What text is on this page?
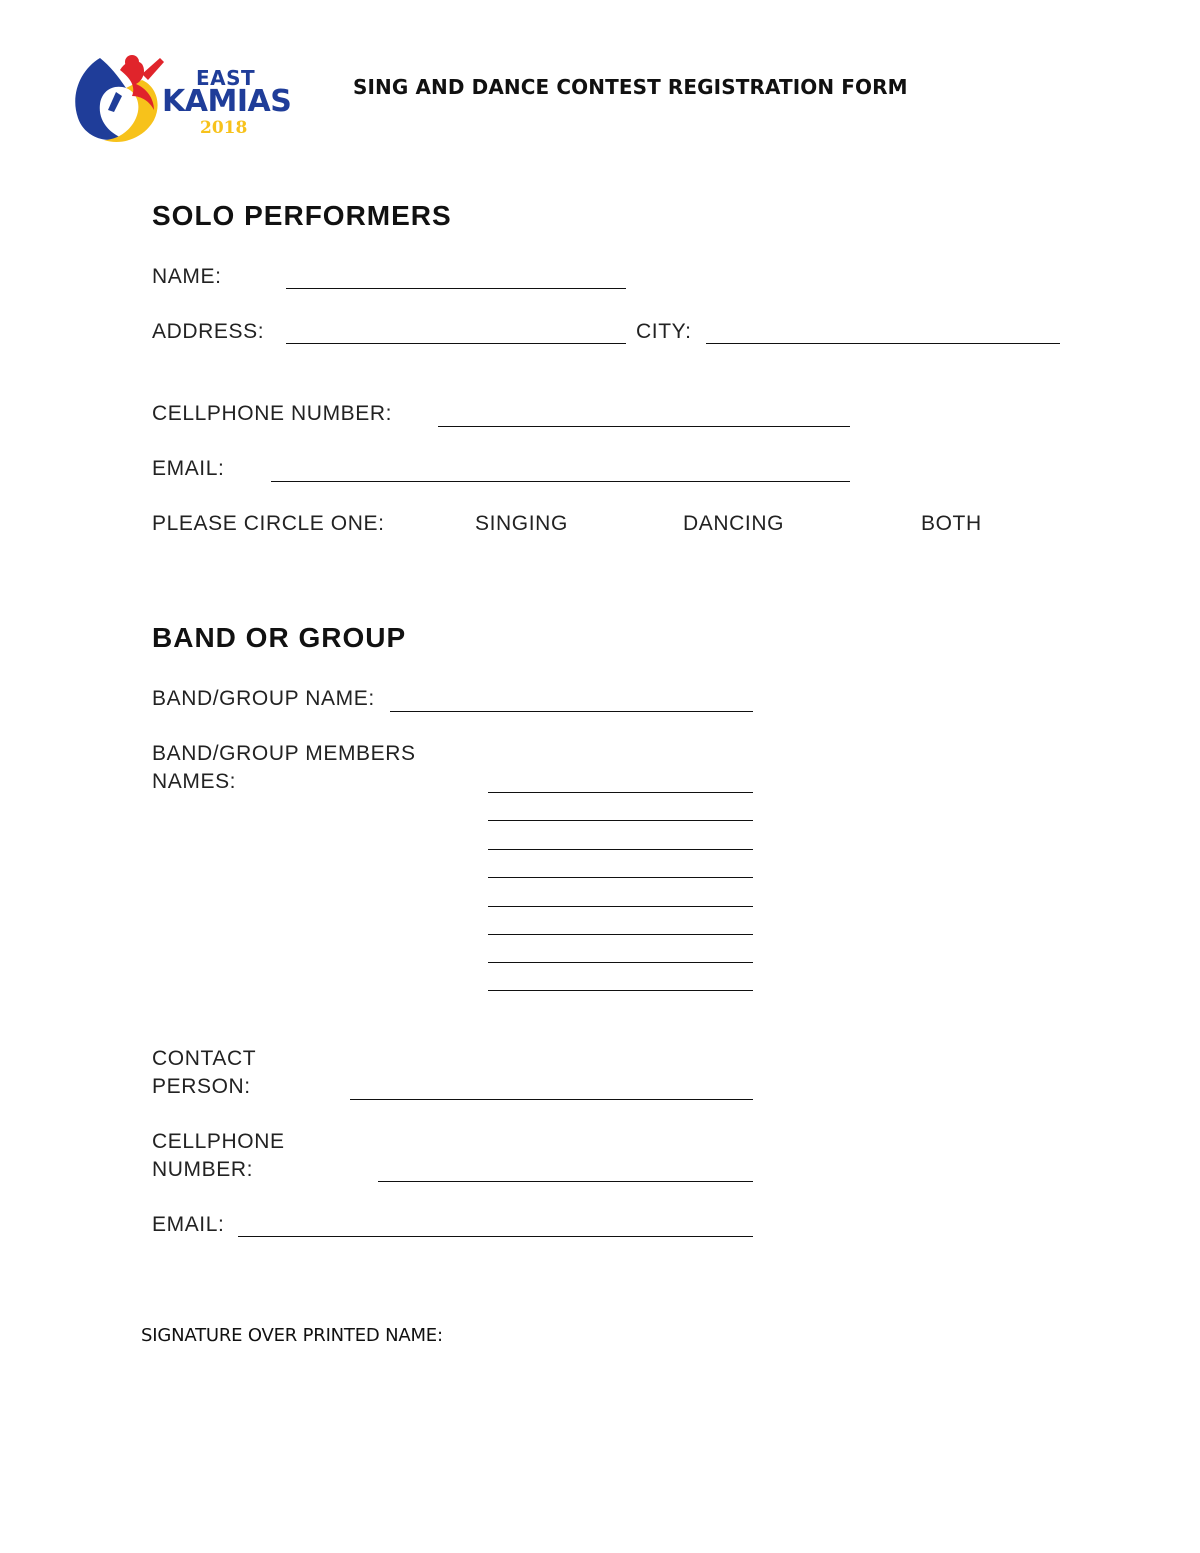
EAST
KAMIAS
2018
SING AND DANCE CONTEST REGISTRATION FORM
SOLO PERFORMERS
NAME:
ADDRESS:	CITY:
CELLPHONE NUMBER:
EMAIL:
PLEASE CIRCLE ONE:	SINGING	DANCING	BOTH
BAND OR GROUP
BAND/GROUP NAME:
BAND/GROUP MEMBERS
NAMES:
CONTACT
PERSON:
CELLPHONE
NUMBER:
EMAIL:
SIGNATURE OVER PRINTED NAME:
